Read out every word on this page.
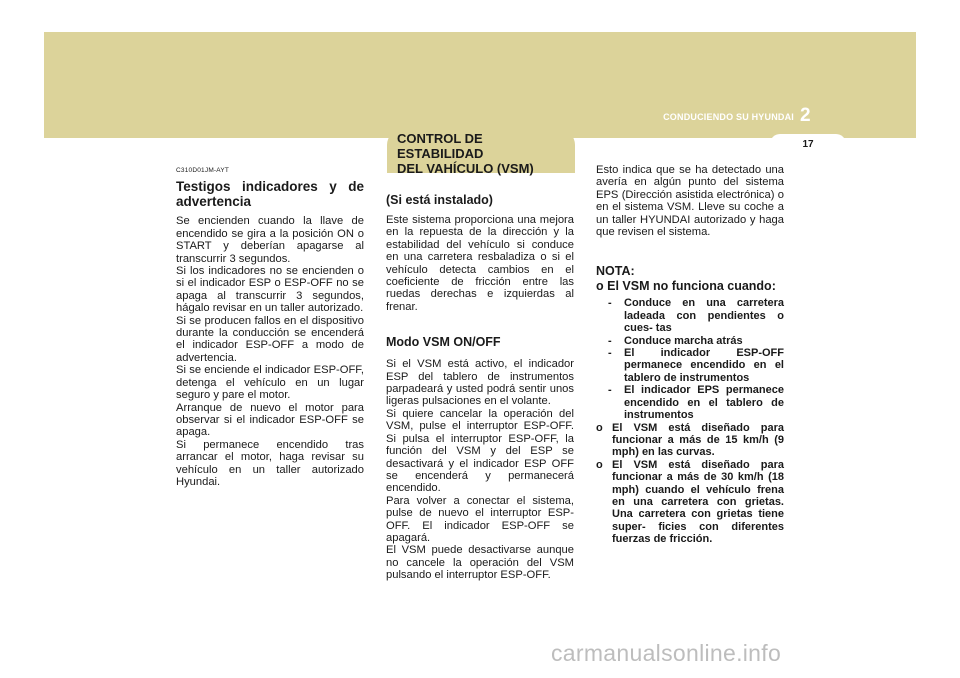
CONDUCIENDO SU HYUNDAI 2
17
CONTROL DE ESTABILIDAD
DEL VAHÍCULO (VSM)
C310D01JM-AYT
Testigos indicadores y de
advertencia

Se encienden cuando la llave de encendido se gira a la posición ON o START y deberían apagarse al transcurrir 3 segundos.

Si los indicadores no se encienden o si el indicador ESP o ESP-OFF no se apaga al transcurrir 3 segundos, hágalo revisar en un taller autorizado.

Si se producen fallos en el dispositivo durante la conducción se encenderá el indicador ESP-OFF a modo de advertencia.

Si se enciende el indicador ESP-OFF, detenga el vehículo en un lugar seguro y pare el motor.

Arranque de nuevo el motor para observar si el indicador ESP-OFF se apaga.

Si permanece encendido tras arrancar el motor, haga revisar su vehículo en un taller autorizado Hyundai.

(Si está instalado)

Este sistema proporciona una mejora en la repuesta de la dirección y la estabilidad del vehículo si conduce en una carretera resbaladiza o si el vehículo detecta cambios en el coeficiente de fricción entre las ruedas derechas e izquierdas al frenar.

Modo VSM ON/OFF

Si el VSM está activo, el indicador ESP del tablero de instrumentos parpadeará y usted podrá sentir unos ligeras pulsaciones en el volante.

Si quiere cancelar la operación del VSM, pulse el interruptor ESP-OFF. Si pulsa el interruptor ESP-OFF, la función del VSM y del ESP se desactivará y el indicador ESP OFF se encenderá y permanecerá encendido.

Para volver a conectar el sistema, pulse de nuevo el interruptor ESP-OFF. El indicador ESP-OFF se apagará.

El VSM puede desactivarse aunque no cancele la operación del VSM pulsando el interruptor ESP-OFF.

Esto indica que se ha detectado una avería en algún punto del sistema EPS (Dirección asistida electrónica) o en el sistema VSM. Lleve su coche a un taller HYUNDAI autorizado y haga que revisen el sistema.

NOTA:
o El VSM no funciona cuando:
- Conduce en una carretera ladeada con pendientes o cues- tas
- Conduce marcha atrás
- El indicador ESP-OFF permanece encendido en el tablero de instrumentos
- El indicador EPS permanece encendido en el tablero de instrumentos
o El VSM está diseñado para funcionar a más de 15 km/h (9 mph) en las curvas.
o El VSM está diseñado para funcionar a más de 30 km/h (18 mph) cuando el vehículo frena en una carretera con grietas. Una carretera con grietas tiene super- ficies con diferentes fuerzas de fricción.
carmanualsonline.info
